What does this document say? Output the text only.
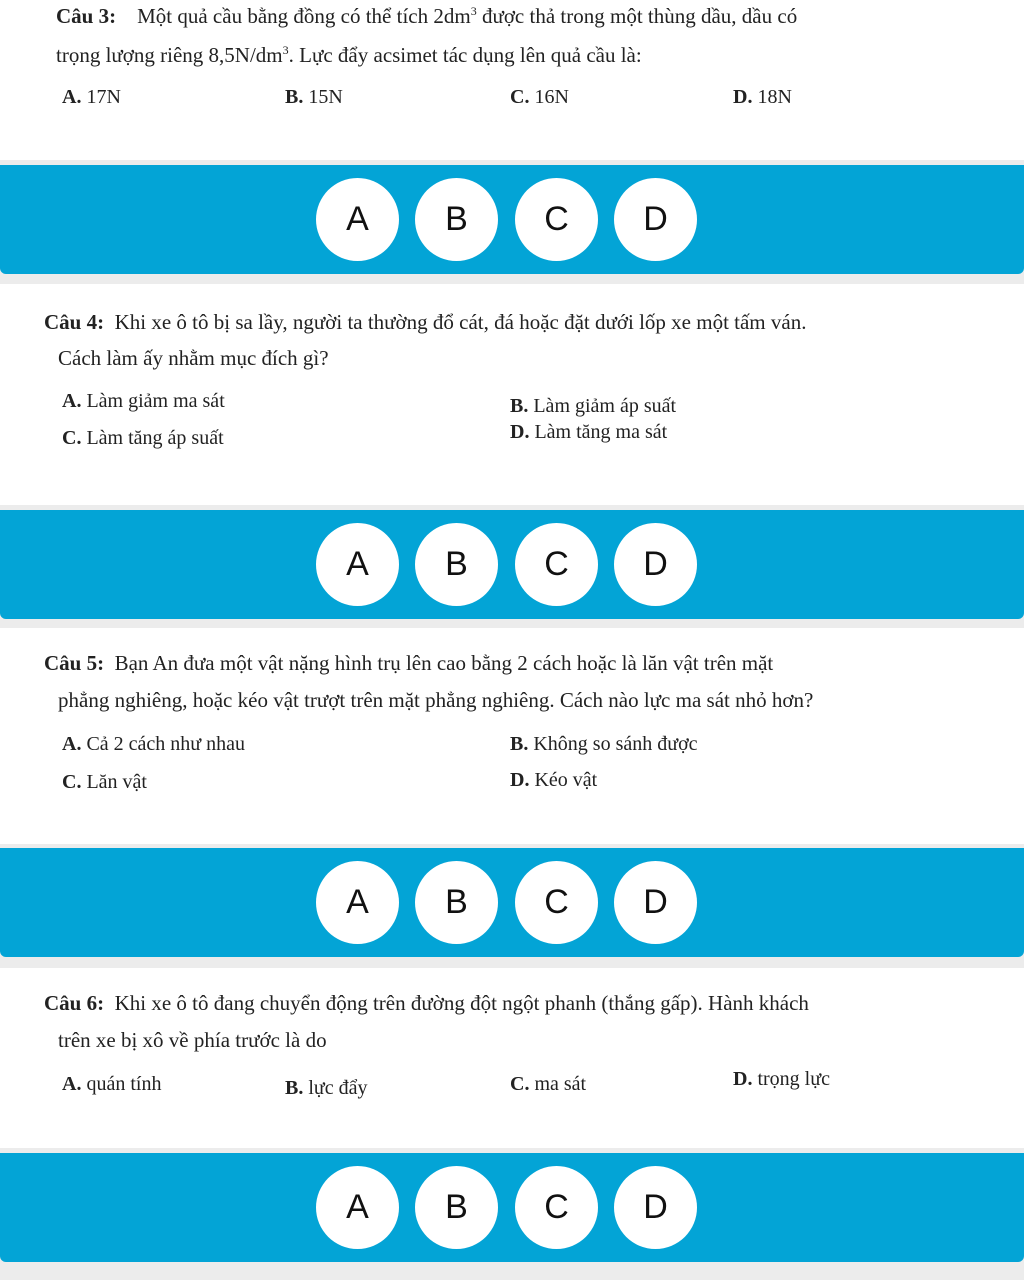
Câu 3: Một quả cầu bằng đồng có thể tích $2dm^3$ được thả trong một thùng dầu, dầu có
trọng lượng riêng $8,5N/dm^3$. Lực đẩy acsimet tác dụng lên quả cầu là:
A. 17N	B. 15N	C. 16N	D. 18N
A	B	C	D
Câu 4: Khi xe ô tô bị sa lầy, người ta thường đổ cát, đá hoặc đặt dưới lốp xe một tấm ván.
Cách làm ấy nhằm mục đích gì?
A. Làm giảm ma sát	B. Làm giảm áp suất
C. Làm tăng áp suất	D. Làm tăng ma sát
A	B	C	D
Câu 5: Bạn An đưa một vật nặng hình trụ lên cao bằng 2 cách hoặc là lăn vật trên mặt
phẳng nghiêng, hoặc kéo vật trượt trên mặt phẳng nghiêng. Cách nào lực ma sát nhỏ hơn?
A. Cả 2 cách như nhau	B. Không so sánh được
C. Lăn vật	D. Kéo vật
A	B	C	D
Câu 6: Khi xe ô tô đang chuyển động trên đường đột ngột phanh (thắng gấp). Hành khách
trên xe bị xô về phía trước là do
A. quán tính	B. lực đẩy	C. ma sát	D. trọng lực
A	B	C	D
